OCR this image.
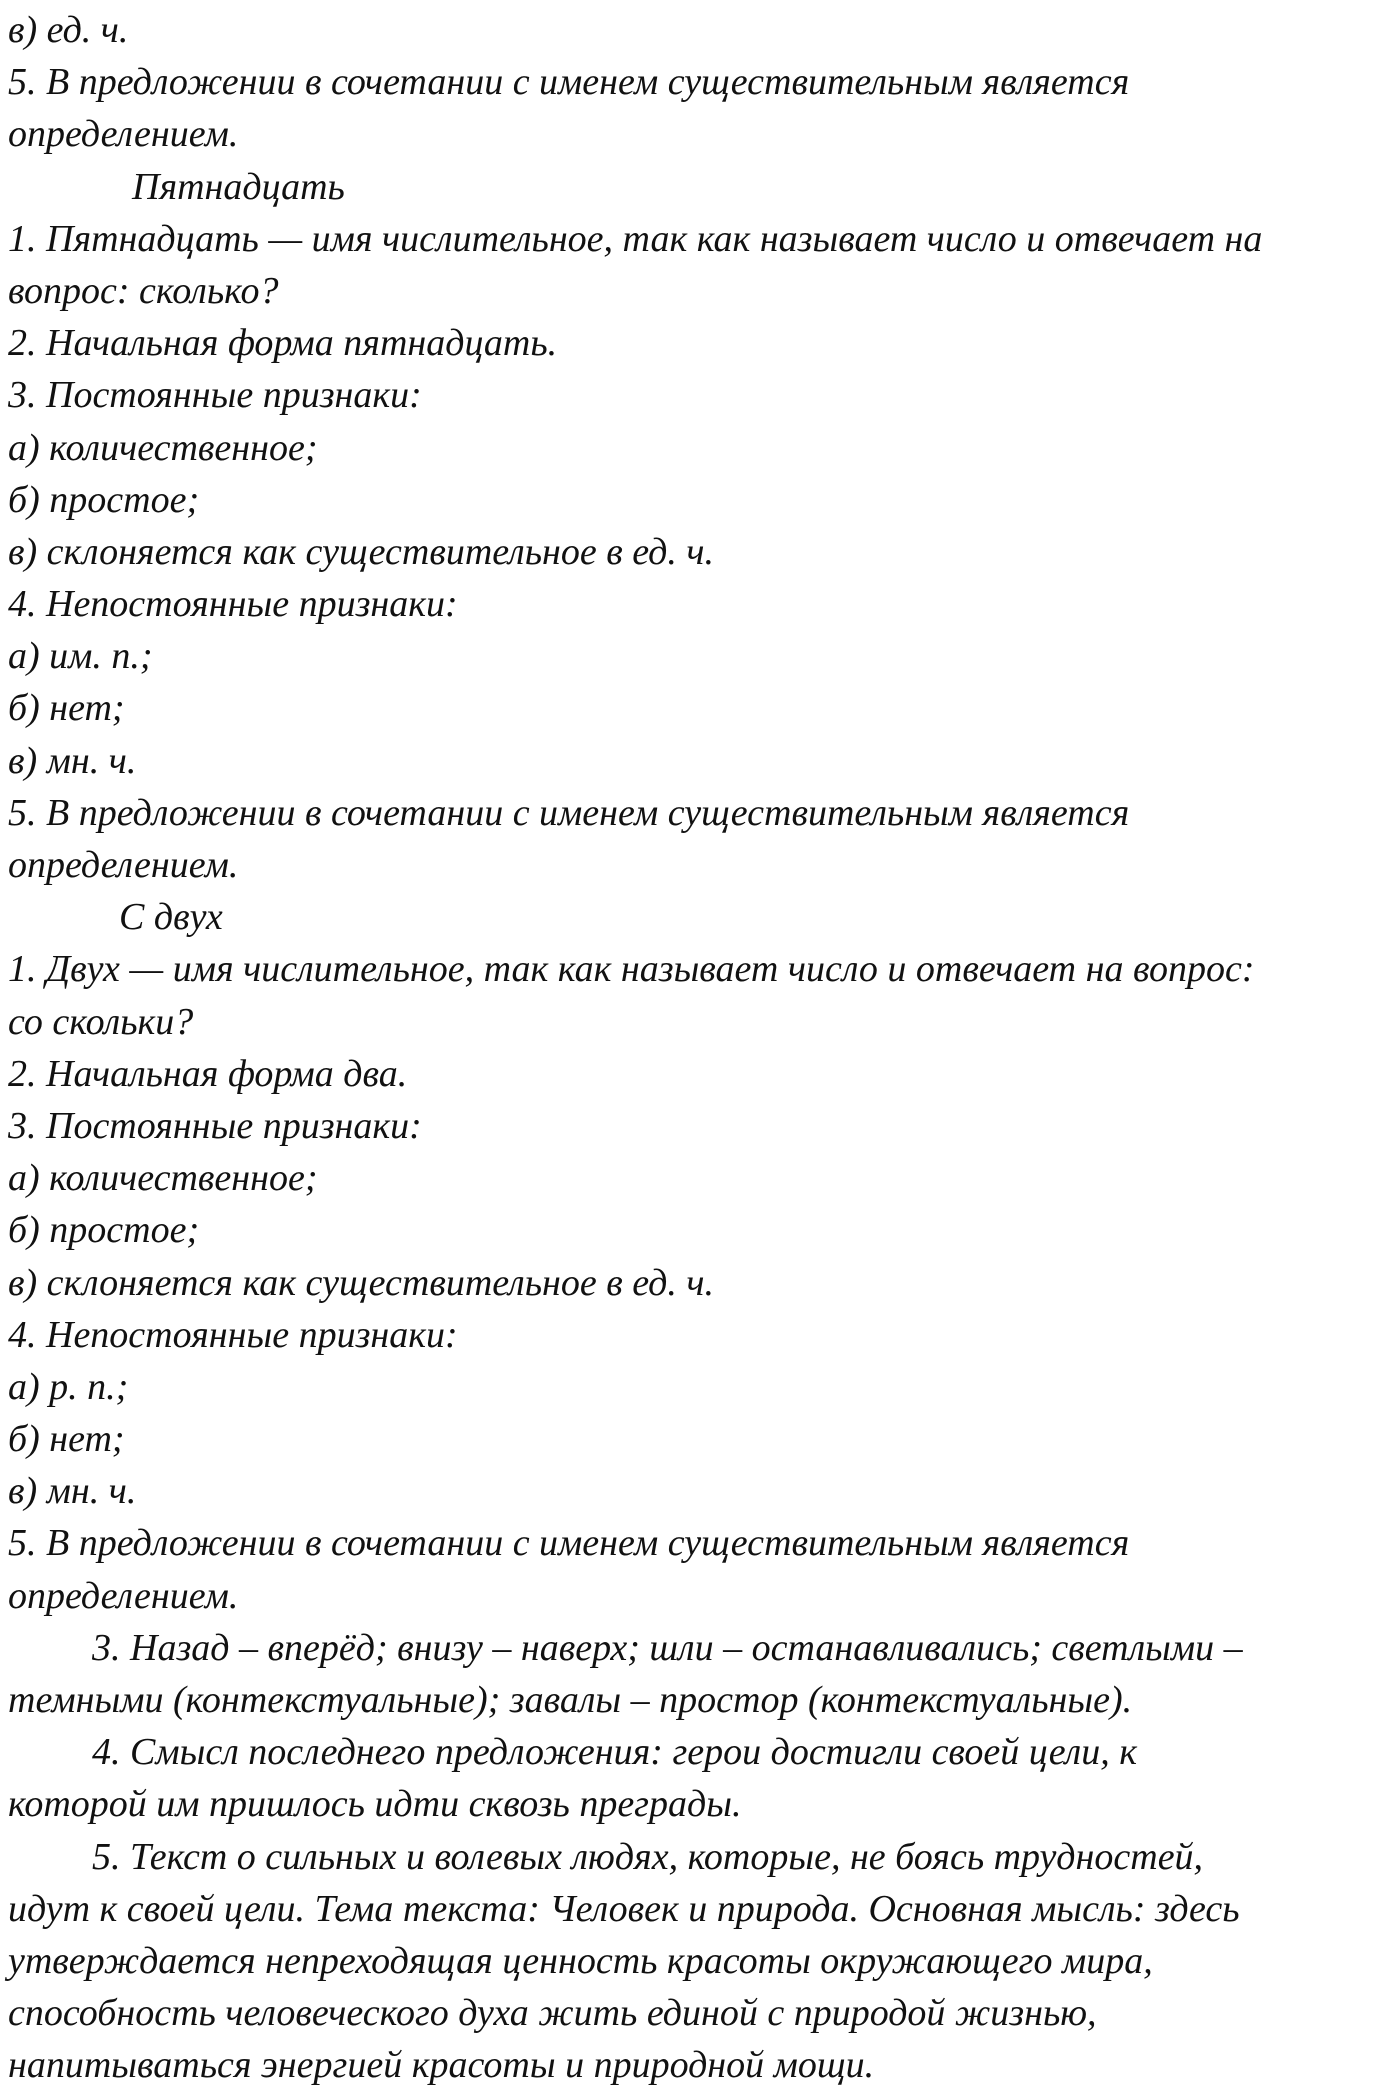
в) ед. ч.
5. В предложении в сочетании с именем существительным является
определением.
Пятнадцать
1. Пятнадцать — имя числительное, так как называет число и отвечает на
вопрос: сколько?
2. Начальная форма пятнадцать.
3. Постоянные признаки:
а) количественное;
б) простое;
в) склоняется как существительное в ед. ч.
4. Непостоянные признаки:
а) им. п.;
б) нет;
в) мн. ч.
5. В предложении в сочетании с именем существительным является
определением.
С двух
1. Двух — имя числительное, так как называет число и отвечает на вопрос:
со скольки?
2. Начальная форма два.
3. Постоянные признаки:
а) количественное;
б) простое;
в) склоняется как существительное в ед. ч.
4. Непостоянные признаки:
а) р. п.;
б) нет;
в) мн. ч.
5. В предложении в сочетании с именем существительным является
определением.
3. Назад – вперёд; внизу – наверх; шли – останавливались; светлыми –
темными (контекстуальные); завалы – простор (контекстуальные).
4. Смысл последнего предложения: герои достигли своей цели, к
которой им пришлось идти сквозь преграды.
5. Текст о сильных и волевых людях, которые, не боясь трудностей,
идут к своей цели. Тема текста: Человек и природа. Основная мысль: здесь
утверждается непреходящая ценность красоты окружающего мира,
способность человеческого духа жить единой с природой жизнью,
напитываться энергией красоты и природной мощи.
